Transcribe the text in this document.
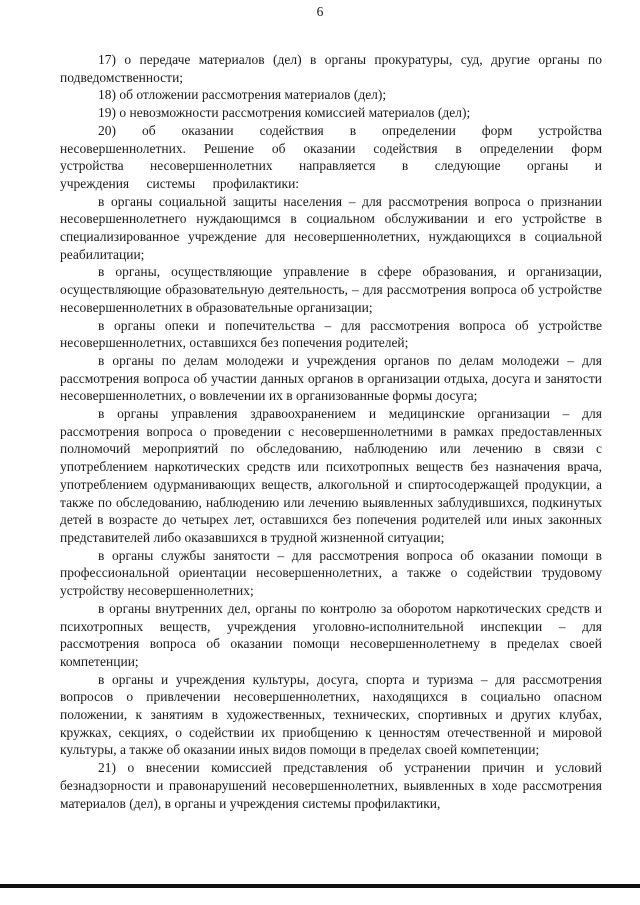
6

17) о передаче материалов (дел) в органы прокуратуры, суд, другие органы по подведомственности;

18) об отложении рассмотрения материалов (дел);

19) о невозможности рассмотрения комиссией материалов (дел);

20) об оказании содействия в определении форм устройства несовершеннолетних. Решение об оказании содействия в определении форм устройства несовершеннолетних направляется в следующие органы и учреждения системы профилактики:

в органы социальной защиты населения – для рассмотрения вопроса о признании несовершеннолетнего нуждающимся в социальном обслуживании и его устройстве в специализированное учреждение для несовершеннолетних, нуждающихся в социальной реабилитации;

в органы, осуществляющие управление в сфере образования, и организации, осуществляющие образовательную деятельность, – для рассмотрения вопроса об устройстве несовершеннолетних в образовательные организации;

в органы опеки и попечительства – для рассмотрения вопроса об устройстве несовершеннолетних, оставшихся без попечения родителей;

в органы по делам молодежи и учреждения органов по делам молодежи – для рассмотрения вопроса об участии данных органов в организации отдыха, досуга и занятости несовершеннолетних, о вовлечении их в организованные формы досуга;

в органы управления здравоохранением и медицинские организации – для рассмотрения вопроса о проведении с несовершеннолетними в рамках предоставленных полномочий мероприятий по обследованию, наблюдению или лечению в связи с употреблением наркотических средств или психотропных веществ без назначения врача, употреблением одурманивающих веществ, алкогольной и спиртосодержащей продукции, а также по обследованию, наблюдению или лечению выявленных заблудившихся, подкинутых детей в возрасте до четырех лет, оставшихся без попечения родителей или иных законных представителей либо оказавшихся в трудной жизненной ситуации;

в органы службы занятости – для рассмотрения вопроса об оказании помощи в профессиональной ориентации несовершеннолетних, а также о содействии трудовому устройству несовершеннолетних;

в органы внутренних дел, органы по контролю за оборотом наркотических средств и психотропных веществ, учреждения уголовно-исполнительной инспекции – для рассмотрения вопроса об оказании помощи несовершеннолетнему в пределах своей компетенции;

в органы и учреждения культуры, досуга, спорта и туризма – для рассмотрения вопросов о привлечении несовершеннолетних, находящихся в социально опасном положении, к занятиям в художественных, технических, спортивных и других клубах, кружках, секциях, о содействии их приобщению к ценностям отечественной и мировой культуры, а также об оказании иных видов помощи в пределах своей компетенции;

21) о внесении комиссией представления об устранении причин и условий безнадзорности и правонарушений несовершеннолетних, выявленных в ходе рассмотрения материалов (дел), в органы и учреждения системы профилактики,
